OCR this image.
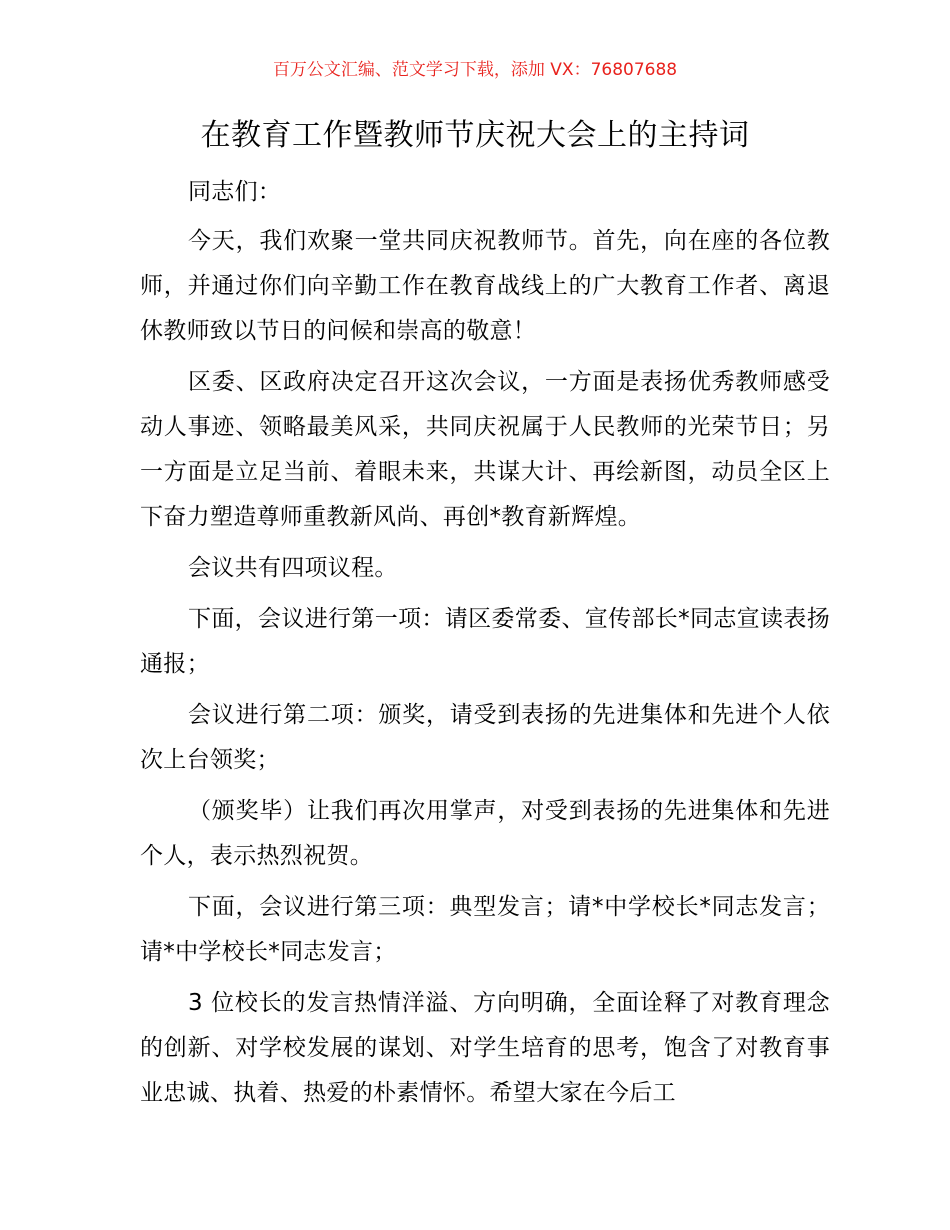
百万公文汇编、范文学习下载，添加 VX：76807688
在教育工作暨教师节庆祝大会上的主持词

同志们：

今天，我们欢聚一堂共同庆祝教师节。首先，向在座的各位教师，并通过你们向辛勤工作在教育战线上的广大教育工作者、离退休教师致以节日的问候和崇高的敬意！

区委、区政府决定召开这次会议，一方面是表扬优秀教师感受动人事迹、领略最美风采，共同庆祝属于人民教师的光荣节日；另一方面是立足当前、着眼未来，共谋大计、再绘新图，动员全区上下奋力塑造尊师重教新风尚、再创*教育新辉煌。

会议共有四项议程。

下面，会议进行第一项：请区委常委、宣传部长*同志宣读表扬通报；

会议进行第二项：颁奖，请受到表扬的先进集体和先进个人依次上台领奖；

（颁奖毕）让我们再次用掌声，对受到表扬的先进集体和先进个人，表示热烈祝贺。

下面，会议进行第三项：典型发言；请*中学校长*同志发言；请*中学校长*同志发言；

3 位校长的发言热情洋溢、方向明确，全面诠释了对教育理念的创新、对学校发展的谋划、对学生培育的思考，饱含了对教育事业忠诚、执着、热爱的朴素情怀。希望大家在今后工
